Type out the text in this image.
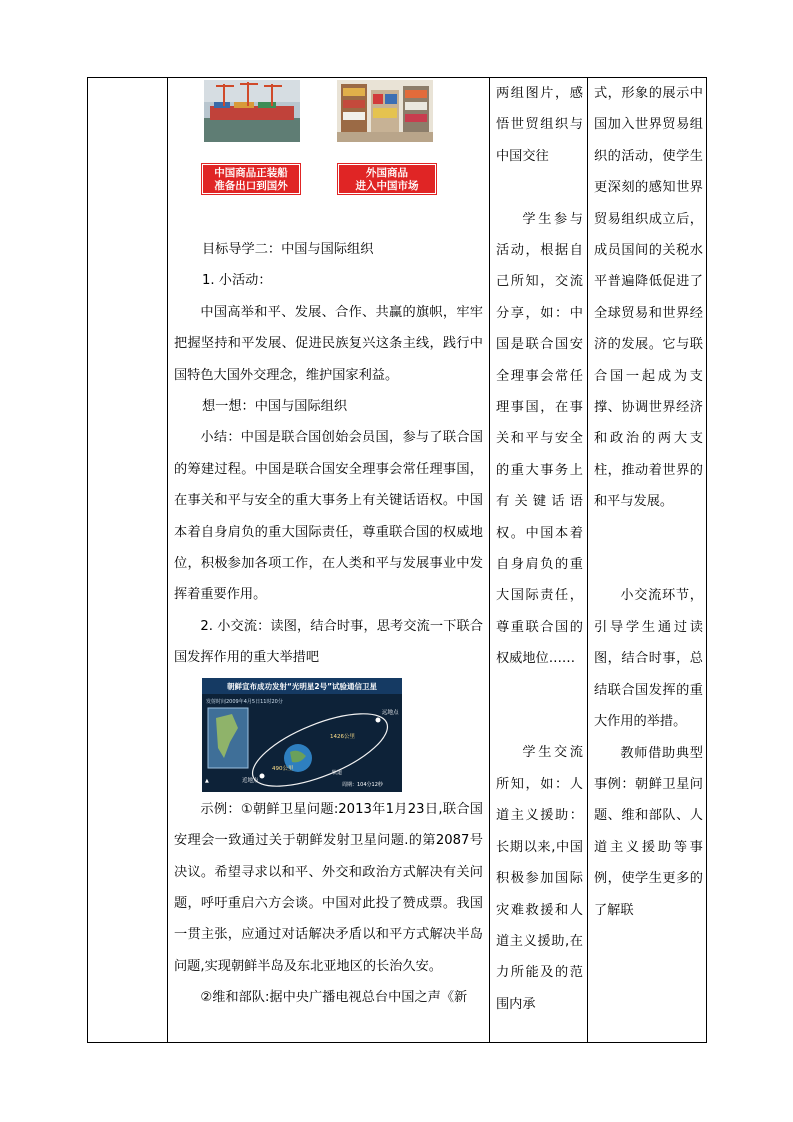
中国商品正装船
准备出口到国外
外国商品
进入中国市场

目标导学二：中国与国际组织

1. 小活动：

中国高举和平、发展、合作、共赢的旗帜，牢牢把握坚持和平发展、促进民族复兴这条主线，践行中国特色大国外交理念，维护国家利益。

想一想：中国与国际组织

小结：中国是联合国创始会员国，参与了联合国的筹建过程。中国是联合国安全理事会常任理事国，在事关和平与安全的重大事务上有关键话语权。中国本着自身肩负的重大国际责任，尊重联合国的权威地位，积极参加各项工作，在人类和平与发展事业中发挥着重要作用。

2. 小交流：读图，结合时事，思考交流一下联合国发挥作用的重大举措吧

朝鲜宣布成功发射“光明星2号”试验通信卫星
发射时间2009年4月5日11时20分
远地点
近地点
1426公里
490公里
轨道
周期：104分12秒
▲

示例：①朝鲜卫星问题:2013年1月23日,联合国安理会一致通过关于朝鲜发射卫星问题.的第2087号决议。希望寻求以和平、外交和政治方式解决有关问题，呼吁重启六方会谈。中国对此投了赞成票。我国一贯主张，应通过对话解决矛盾以和平方式解决半岛问题,实现朝鲜半岛及东北亚地区的长治久安。

②维和部队:据中央广播电视总台中国之声《新

两组图片，感悟世贸组织与中国交往
学生参与活动，根据自己所知，交流分享，如：中国是联合国安全理事会常任理事国，在事关和平与安全的重大事务上有关键话语权。中国本着自身肩负的重大国际责任，尊重联合国的权威地位……
学生交流所知，如：人道主义援助：长期以来,中国积极参加国际灾难救援和人道主义援助,在力所能及的范围内承
式，形象的展示中国加入世界贸易组织的活动，使学生更深刻的感知世界贸易组织成立后，成员国间的关税水平普遍降低促进了全球贸易和世界经济的发展。它与联合国一起成为支撑、协调世界经济和政治的两大支柱，推动着世界的和平与发展。
小交流环节，引导学生通过读图，结合时事，总结联合国发挥的重大作用的举措。
教师借助典型事例：朝鲜卫星问题、维和部队、人道主义援助等事例，使学生更多的了解联
